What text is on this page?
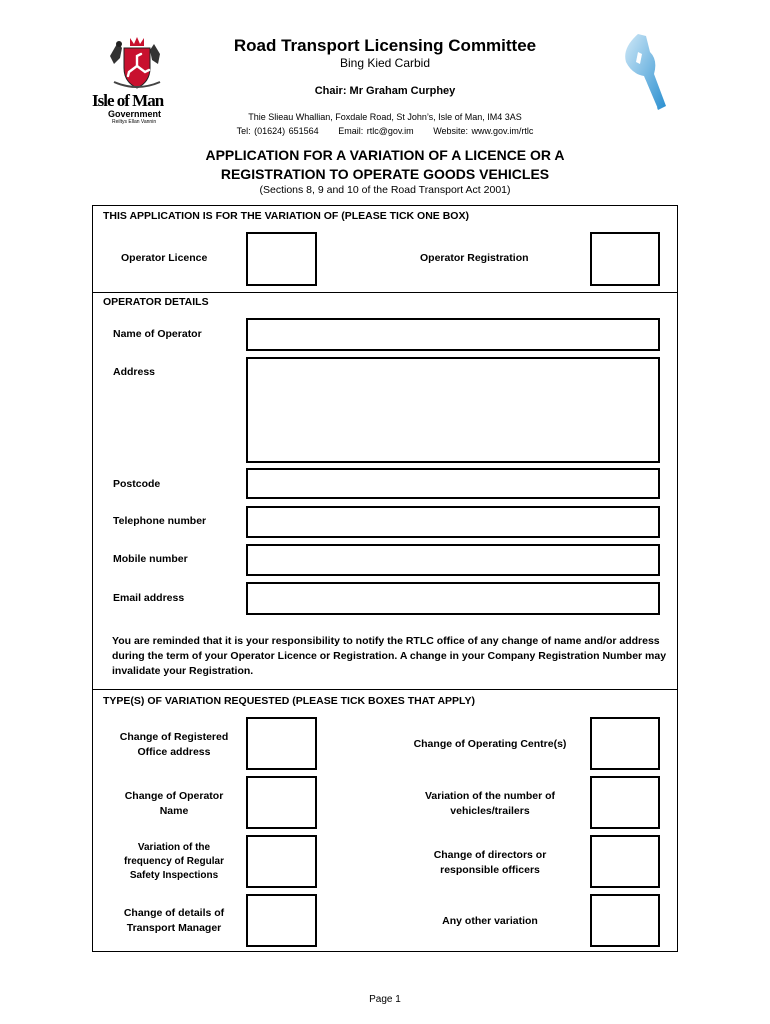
Isle of Man
Government
Reiltys Ellan Vannin
Road Transport Licensing Committee
Bing Kied Carbid
Chair: Mr Graham Curphey
Thie Slieau Whallian, Foxdale Road, St John’s, Isle of Man, IM4 3AS
Tel: (01624) 651564 Email: rtlc@gov.im Website: www.gov.im/rtlc
APPLICATION FOR A VARIATION OF A LICENCE OR A
REGISTRATION TO OPERATE GOODS VEHICLES
(Sections 8, 9 and 10 of the Road Transport Act 2001)
THIS APPLICATION IS FOR THE VARIATION OF (PLEASE TICK ONE BOX)
Operator Licence	Operator Registration
OPERATOR DETAILS
Name of Operator
Address
Postcode
Telephone number
Mobile number
Email address
You are reminded that it is your responsibility to notify the RTLC office of any change of name and/or address during the term of your Operator Licence or Registration. A change in your Company Registration Number may invalidate your Registration.
TYPE(S) OF VARIATION REQUESTED (PLEASE TICK BOXES THAT APPLY)
Change of Registered
Office address
Change of Operating Centre(s)
Change of Operator
Name
Variation of the number of
vehicles/trailers
Variation of the
frequency of Regular
Safety Inspections
Change of directors or
responsible officers
Change of details of
Transport Manager
Any other variation
Page 1
